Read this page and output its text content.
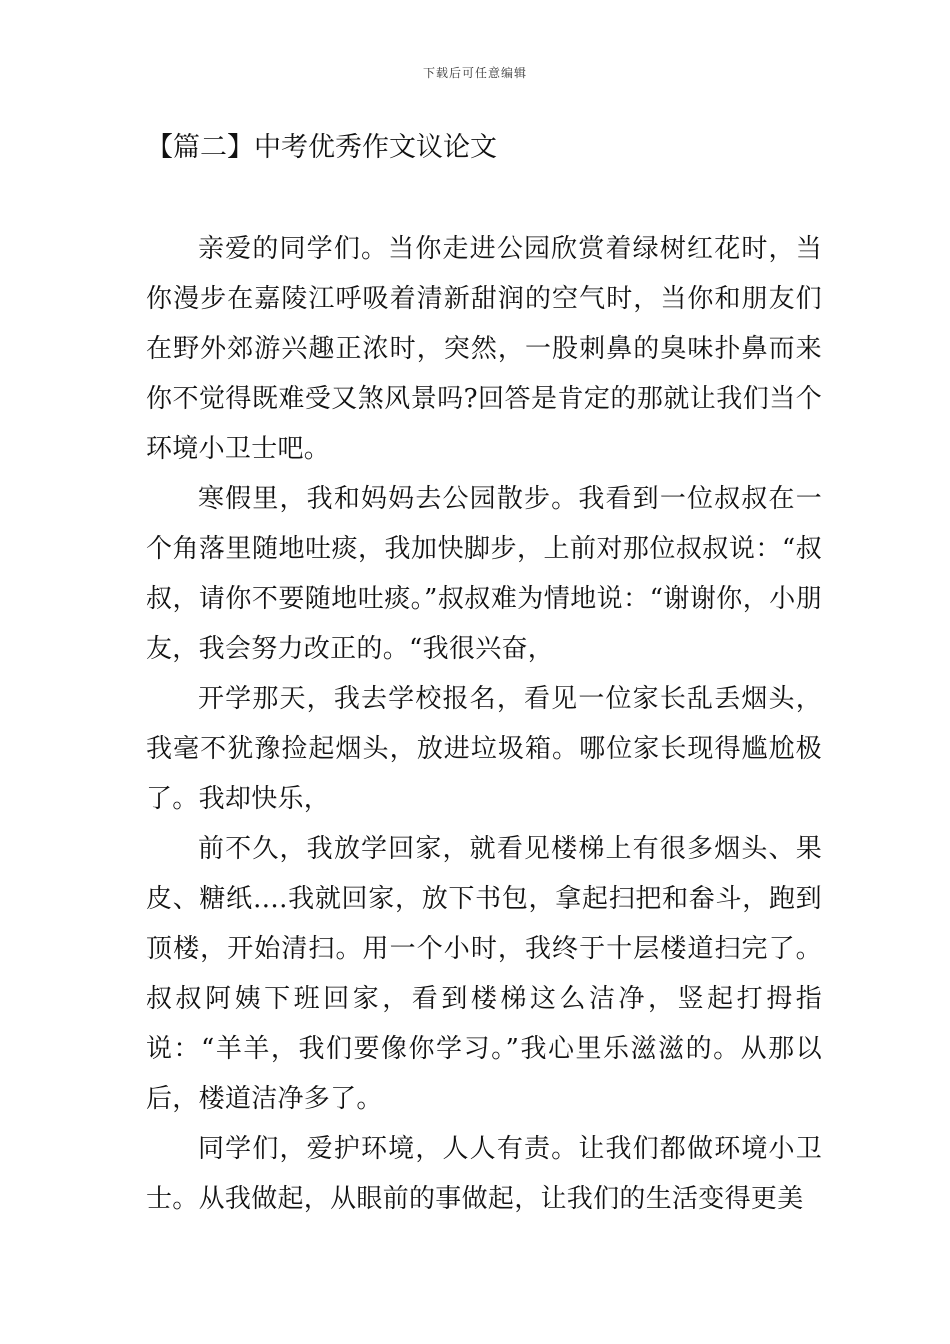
下载后可任意编辑
【篇二】中考优秀作文议论文

亲爱的同学们。当你走进公园欣赏着绿树红花时，当你漫步在嘉陵江呼吸着清新甜润的空气时，当你和朋友们在野外郊游兴趣正浓时，突然，一股刺鼻的臭味扑鼻而来你不觉得既难受又煞风景吗?回答是肯定的那就让我们当个环境小卫士吧。

寒假里，我和妈妈去公园散步。我看到一位叔叔在一个角落里随地吐痰，我加快脚步，上前对那位叔叔说：“叔叔，请你不要随地吐痰。”叔叔难为情地说：“谢谢你，小朋友，我会努力改正的。“我很兴奋，

开学那天，我去学校报名，看见一位家长乱丢烟头，我毫不犹豫捡起烟头，放进垃圾箱。哪位家长现得尴尬极了。我却快乐，

前不久，我放学回家，就看见楼梯上有很多烟头、果皮、糖纸….我就回家，放下书包，拿起扫把和畚斗，跑到顶楼，开始清扫。用一个小时，我终于十层楼道扫完了。叔叔阿姨下班回家，看到楼梯这么洁净，竖起打拇指说：“羊羊，我们要像你学习。”我心里乐滋滋的。从那以后，楼道洁净多了。

同学们，爱护环境，人人有责。让我们都做环境小卫士。从我做起，从眼前的事做起，让我们的生活变得更美
